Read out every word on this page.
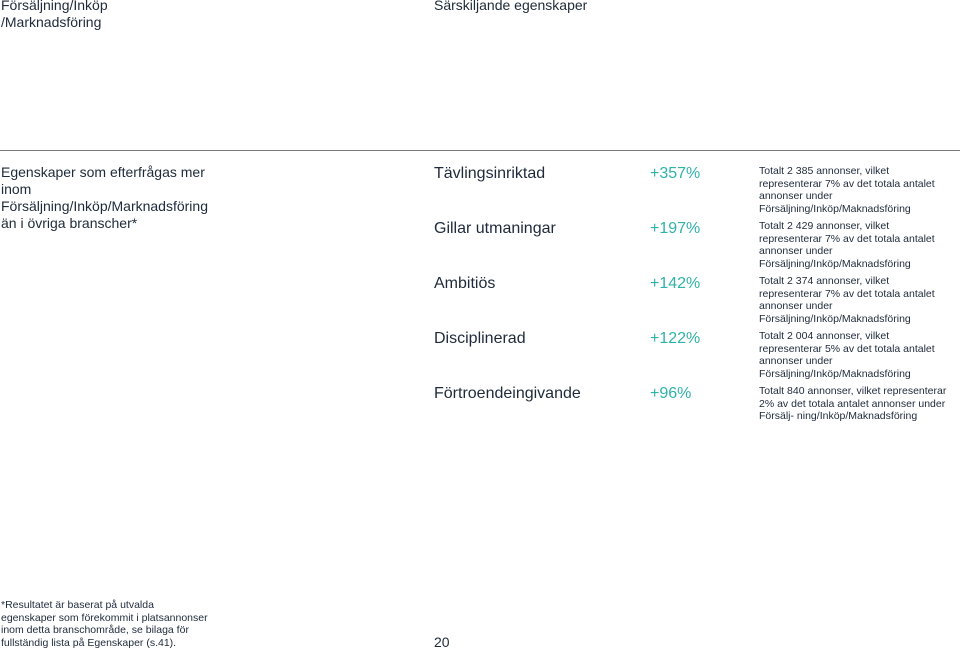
Försäljning/Inköp /Marknadsföring
Särskiljande egenskaper
Egenskaper som efterfrågas mer inom Försäljning/Inköp/Marknadsföring än i övriga branscher*
Tävlingsinriktad	+357%	Totalt 2 385 annonser, vilket representerar 7% av det totala antalet annonser under Försäljning/Inköp/Maknadsföring
Gillar utmaningar	+197%	Totalt 2 429 annonser, vilket representerar 7% av det totala antalet annonser under Försäljning/Inköp/Maknadsföring
Ambitiös	+142%	Totalt 2 374 annonser, vilket representerar 7% av det totala antalet annonser under Försäljning/Inköp/Maknadsföring
Disciplinerad	+122%	Totalt 2 004 annonser, vilket representerar 5% av det totala antalet annonser under Försäljning/Inköp/Maknadsföring
Förtroendeingivande	+96%	Totalt 840 annonser, vilket representerar 2% av det totala antalet annonser under Försälj- ning/Inköp/Maknadsföring
*Resultatet är baserat på utvalda egenskaper som förekommit i platsannonser inom detta branschområde, se bilaga för fullständig lista på Egenskaper (s.41).	20
